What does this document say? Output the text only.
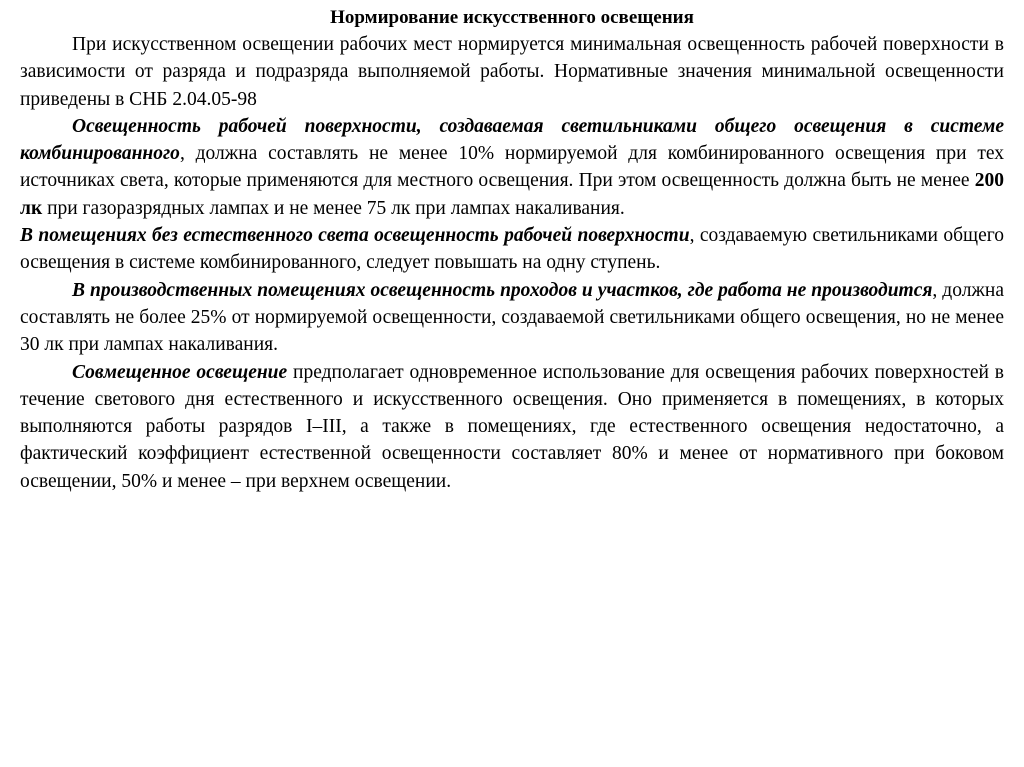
Нормирование искусственного освещения

При искусственном освещении рабочих мест нормируется минимальная освещенность рабочей поверхности в зависимости от разряда и подразряда выполняемой работы. Нормативные значения минимальной освещенности приведены в СНБ 2.04.05-98

Освещенность рабочей поверхности, создаваемая светильниками общего освещения в системе комбинированного, должна составлять не менее 10% нормируемой для комбинированного освещения при тех источниках света, которые применяются для местного освещения. При этом освещенность должна быть не менее 200 лк при газоразрядных лампах и не менее 75 лк при лампах накаливания.

В помещениях без естественного света освещенность рабочей поверхности, создаваемую светильниками общего освещения в системе комбинированного, следует повышать на одну ступень.

В производственных помещениях освещенность проходов и участков, где работа не производится, должна составлять не более 25% от нормируемой освещенности, создаваемой светильниками общего освещения, но не менее 30 лк при лампах накаливания.

Совмещенное освещение предполагает одновременное использование для освещения рабочих поверхностей в течение светового дня естественного и искусственного освещения. Оно применяется в помещениях, в которых выполняются работы разрядов I–III, а также в помещениях, где естественного освещения недостаточно, а фактический коэффициент естественной освещенности составляет 80% и менее от нормативного при боковом освещении, 50% и менее – при верхнем освещении.
